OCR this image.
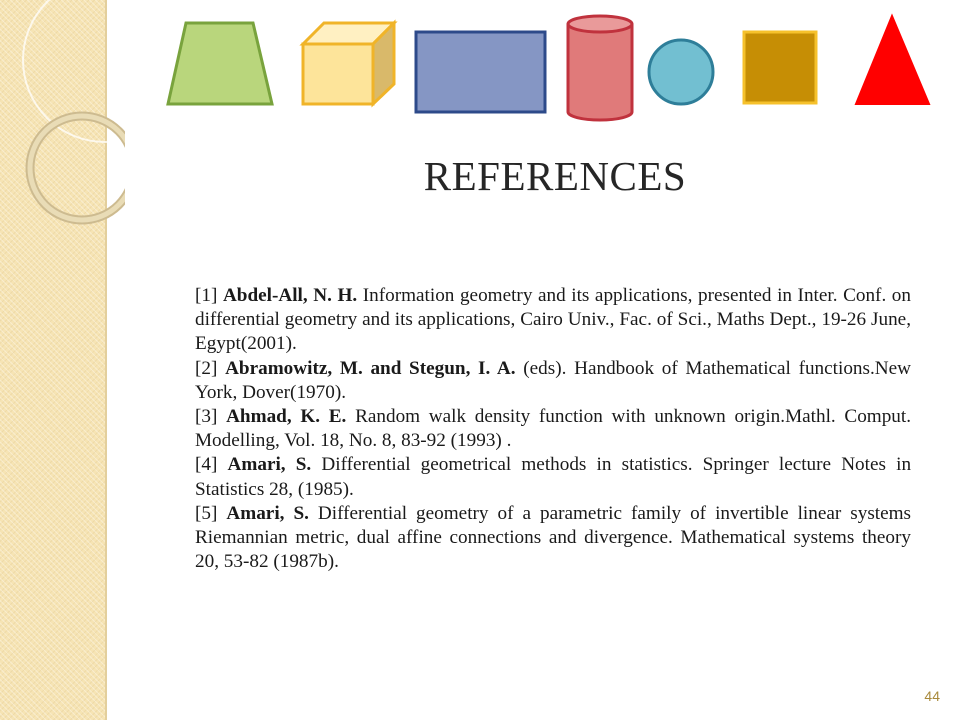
REFERENCES
[1] Abdel-All, N. H. Information geometry and its applications, presented in Inter. Conf. on differential geometry and its applications, Cairo Univ., Fac. of Sci., Maths Dept., 19-26 June, Egypt(2001).
[2] Abramowitz, M. and Stegun, I. A. (eds). Handbook of Mathematical functions.New York, Dover(1970).
[3] Ahmad, K. E. Random walk density function with unknown origin.Mathl. Comput. Modelling, Vol. 18, No. 8, 83-92 (1993) .
[4] Amari, S. Differential geometrical methods in statistics. Springer lecture Notes in Statistics 28, (1985).
[5] Amari, S. Differential geometry of a parametric family of invertible linear systems Riemannian metric, dual affine connections and divergence. Mathematical systems theory 20, 53-82 (1987b).
44
